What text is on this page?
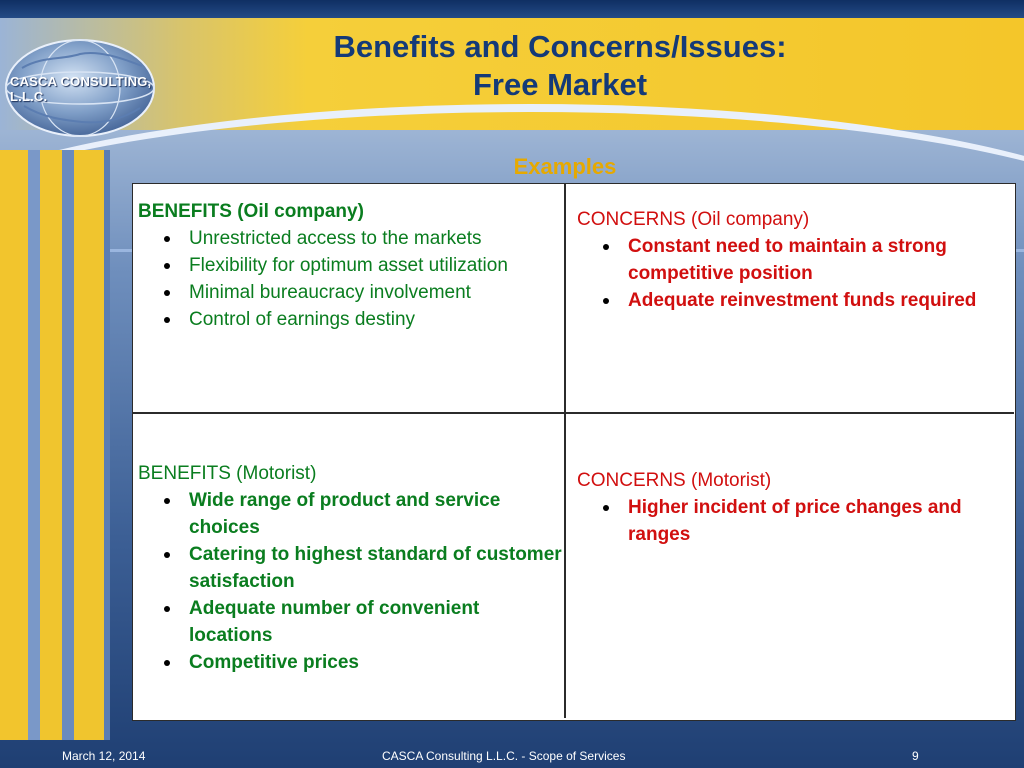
CASCA CONSULTING, L.L.C.
Benefits and Concerns/Issues:
Free Market
Examples
BENEFITS (Oil company)
Unrestricted access to the markets
Flexibility for optimum asset utilization
Minimal bureaucracy involvement
Control of earnings destiny
CONCERNS (Oil company)
Constant need to maintain a strong competitive position
Adequate reinvestment funds required
BENEFITS (Motorist)
Wide range of product and service choices
Catering to highest standard of customer satisfaction
Adequate number of convenient locations
Competitive prices
CONCERNS (Motorist)
Higher incident of price changes and ranges
March 12, 2014	CASCA Consulting L.L.C. - Scope of Services	9
